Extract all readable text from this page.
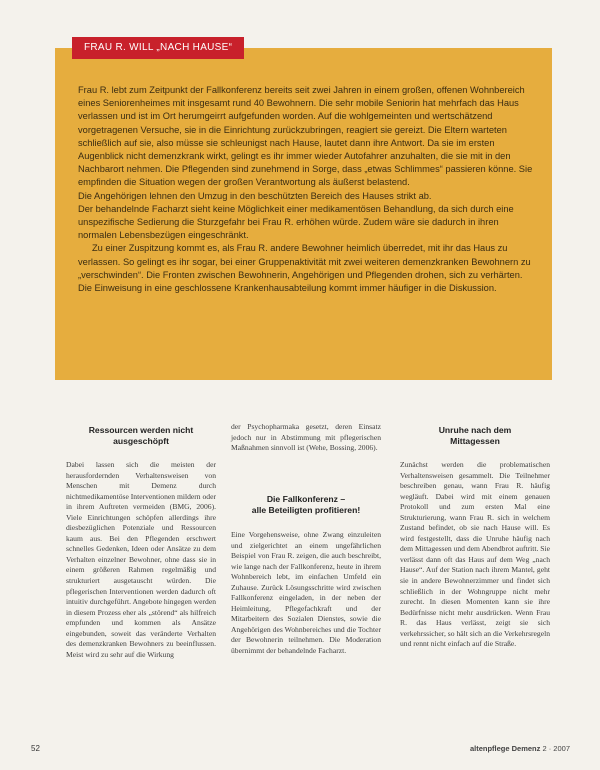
FRAU R. WILL „NACH HAUSE“

Frau R. lebt zum Zeitpunkt der Fallkonferenz bereits seit zwei Jahren in einem großen, offenen Wohnbereich eines Seniorenheimes mit insgesamt rund 40 Bewohnern. Die sehr mobile Seniorin hat mehrfach das Haus verlassen und ist im Ort herumgeirrt aufgefunden worden. Auf die wohlgemeinten und wertschätzend vorgetragenen Versuche, sie in die Einrichtung zurückzubringen, reagiert sie gereizt. Die Eltern warteten schließlich auf sie, also müsse sie schleunigst nach Hause, lautet dann ihre Antwort. Da sie im ersten Augenblick nicht demenzkrank wirkt, gelingt es ihr immer wieder Autofahrer anzuhalten, die sie mit in den Nachbarort nehmen. Die Pflegenden sind zunehmend in Sorge, dass „etwas Schlimmes“ passieren könne. Sie empfinden die Situation wegen der großen Verantwortung als äußerst belastend.

Die Angehörigen lehnen den Umzug in den beschützten Bereich des Hauses strikt ab.

Der behandelnde Facharzt sieht keine Möglichkeit einer medikamentösen Behandlung, da sich durch eine unspezifische Sedierung die Sturzgefahr bei Frau R. erhöhen würde. Zudem wäre sie dadurch in ihren normalen Lebensbezügen eingeschränkt.

Zu einer Zuspitzung kommt es, als Frau R. andere Bewohner heimlich überredet, mit ihr das Haus zu verlassen. So gelingt es ihr sogar, bei einer Gruppenaktivität mit zwei weiteren demenzkranken Bewohnern zu „verschwinden“. Die Fronten zwischen Bewohnerin, Angehörigen und Pflegenden drohen, sich zu verhärten. Die Einweisung in eine geschlossene Krankenhausabteilung kommt immer häufiger in die Diskussion.

Ressourcen werden nicht
ausgeschöpft

Dabei lassen sich die meisten der herausfordernden Verhaltensweisen von Menschen mit Demenz durch nichtmedikamentöse Interventionen mildern oder in ihrem Auftreten vermeiden (BMG, 2006). Viele Einrichtungen schöpfen allerdings ihre diesbezüglichen Potenziale und Ressourcen kaum aus. Bei den Pflegenden erschwert schnelles Gedenken, Ideen oder Ansätze zu dem Verhalten einzelner Bewohner, ohne dass sie in einem größeren Rahmen regelmäßig und strukturiert ausgetauscht würden. Die pflegerischen Interventionen werden dadurch oft intuitiv durchgeführt. Angebote hingegen werden in diesem Prozess eher als „störend“ als hilfreich empfunden und kommen als Ansätze eingebunden, soweit das veränderte Verhalten des demenzkranken Bewohners zu beeinflussen. Meist wird zu sehr auf die Wirkung

der Psychopharmaka gesetzt, deren Einsatz jedoch nur in Abstimmung mit pflegerischen Maßnahmen sinnvoll ist (Wehe, Bossing, 2006).

Die Fallkonferenz –
alle Beteiligten profitieren!

Eine Vorgehensweise, ohne Zwang einzuleiten und zielgerichtet an einem ungefährlichen Beispiel von Frau R. zeigen, die auch beschreibt, wie lange nach der Fallkonferenz, heute in ihrem Wohnbereich lebt, im einfachen Umfeld ein Zuhause. Zurück Lösungsschritte wird zwischen Fallkonferenz eingeladen, in der neben der Heimleitung, Pflegefachkraft und der Mitarbeitern des Sozialen Dienstes, sowie die Angehörigen des Wohnbereiches und die Tochter der Bewohnerin teilnehmen. Die Moderation übernimmt der behandelnde Facharzt.

Unruhe nach dem
Mittagessen

Zunächst werden die problematischen Verhaltensweisen gesammelt. Die Teilnehmer beschreiben genau, wann Frau R. häufig wegläuft. Dabei wird mit einem genauen Protokoll und zum ersten Mal eine Strukturierung, wann Frau R. sich in welchem Zustand befindet, ob sie nach Hause will. Es wird festgestellt, dass die Unruhe häufig nach dem Mittagessen und dem Abendbrot auftritt. Sie verlässt dann oft das Haus auf dem Weg „nach Hause“. Auf der Station nach ihrem Mantel, geht sie in andere Bewohnerzimmer und findet sich schließlich in der Wohngruppe nicht mehr zurecht. In diesen Momenten kann sie ihre Bedürfnisse nicht mehr ausdrücken. Wenn Frau R. das Haus verlässt, zeigt sie sich verkehrssicher, so hält sich an die Verkehrsregeln und rennt nicht einfach auf die Straße.

52	altenpflege Demenz 2 · 2007
